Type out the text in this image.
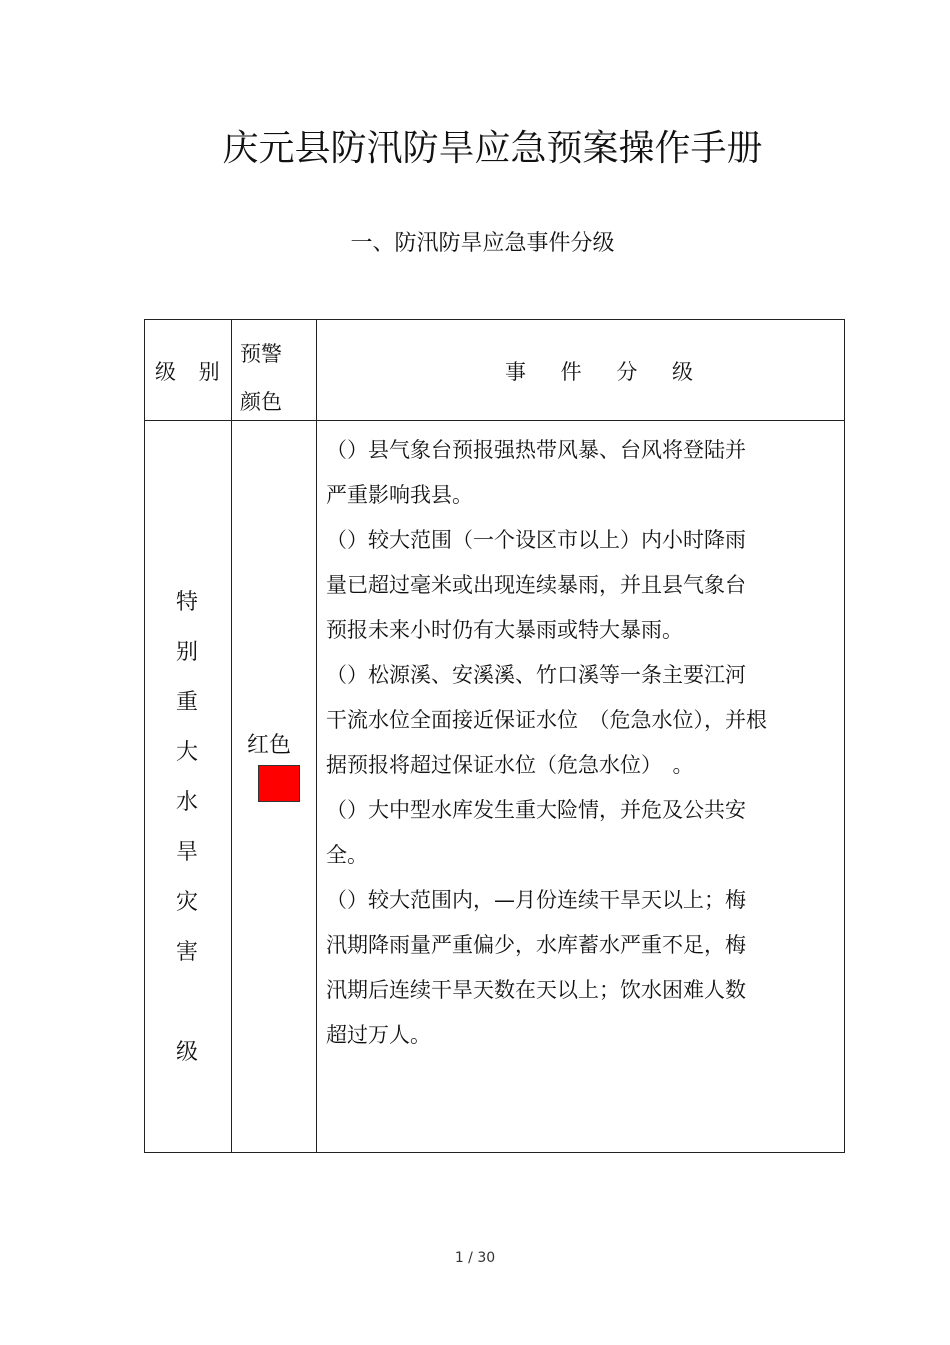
庆元县防汛防旱应急预案操作手册
一、防汛防旱应急事件分级
级 别
预警颜色
事 件 分 级
特
别
重
大
水
旱
灾
害

级
红色

（）县气象台预报强热带风暴、台风将登陆并

严重影响我县。

（）较大范围（一个设区市以上）内小时降雨

量已超过毫米或出现连续暴雨，并且县气象台

预报未来小时仍有大暴雨或特大暴雨。

（）松源溪、安溪溪、竹口溪等一条主要江河

干流水位全面接近保证水位　（危急水位），并根

据预报将超过保证水位（危急水位）　。

（）大中型水库发生重大险情，并危及公共安

全。

（）较大范围内，—月份连续干旱天以上；梅

汛期降雨量严重偏少，水库蓄水严重不足，梅

汛期后连续干旱天数在天以上；饮水困难人数

超过万人。

1 / 30
